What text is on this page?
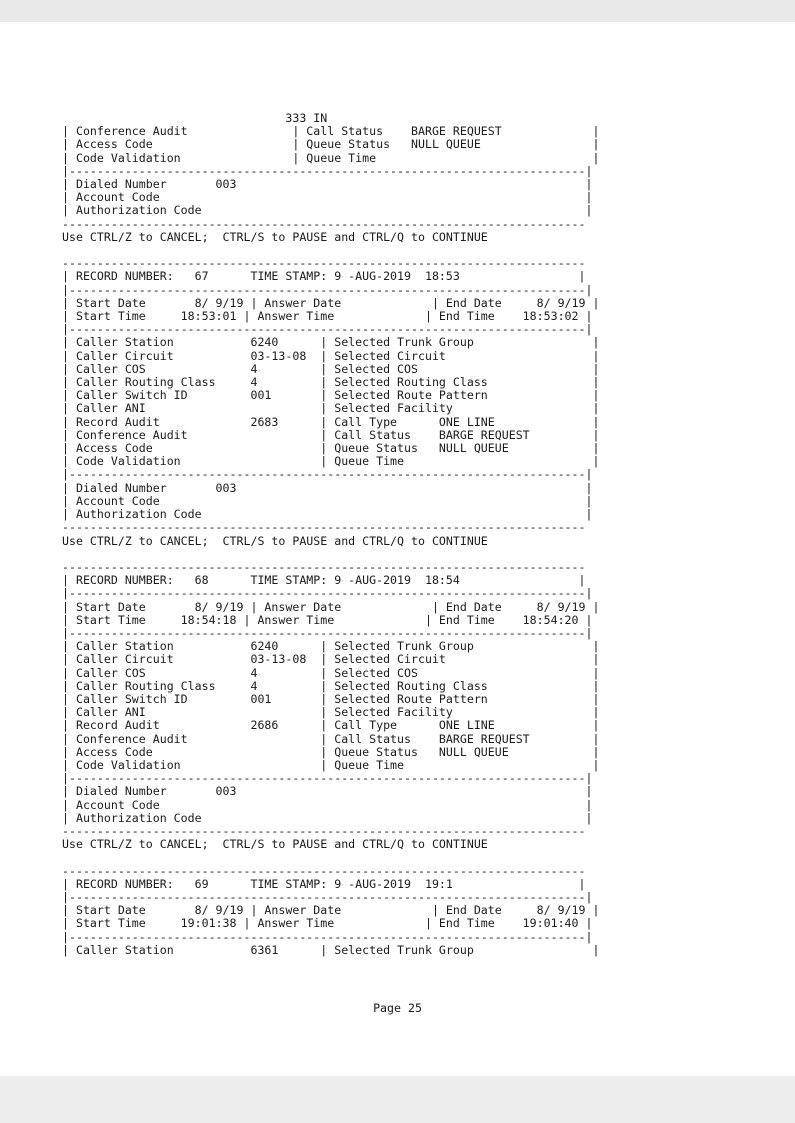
333 IN
| Conference Audit               | Call Status    BARGE REQUEST             |
| Access Code                    | Queue Status   NULL QUEUE                |
| Code Validation                | Queue Time                               |
|--------------------------------------------------------------------------|
| Dialed Number       003                                                  |
| Account Code                                                             |
| Authorization Code                                                       |
---------------------------------------------------------------------------
Use CTRL/Z to CANCEL;  CTRL/S to PAUSE and CTRL/Q to CONTINUE

---------------------------------------------------------------------------
| RECORD NUMBER:   67      TIME STAMP: 9 -AUG-2019  18:53                 |
|--------------------------------------------------------------------------|
| Start Date       8/ 9/19 | Answer Date             | End Date     8/ 9/19 |
| Start Time     18:53:01 | Answer Time             | End Time    18:53:02 |
|--------------------------------------------------------------------------|
| Caller Station           6240      | Selected Trunk Group                 |
| Caller Circuit           03-13-08  | Selected Circuit                     |
| Caller COS               4         | Selected COS                         |
| Caller Routing Class     4         | Selected Routing Class               |
| Caller Switch ID         001       | Selected Route Pattern               |
| Caller ANI                         | Selected Facility                    |
| Record Audit             2683      | Call Type      ONE LINE              |
| Conference Audit                   | Call Status    BARGE REQUEST         |
| Access Code                        | Queue Status   NULL QUEUE            |
| Code Validation                    | Queue Time                           |
|--------------------------------------------------------------------------|
| Dialed Number       003                                                  |
| Account Code                                                             |
| Authorization Code                                                       |
---------------------------------------------------------------------------
Use CTRL/Z to CANCEL;  CTRL/S to PAUSE and CTRL/Q to CONTINUE

---------------------------------------------------------------------------
| RECORD NUMBER:   68      TIME STAMP: 9 -AUG-2019  18:54                 |
|--------------------------------------------------------------------------|
| Start Date       8/ 9/19 | Answer Date             | End Date     8/ 9/19 |
| Start Time     18:54:18 | Answer Time             | End Time    18:54:20 |
|--------------------------------------------------------------------------|
| Caller Station           6240      | Selected Trunk Group                 |
| Caller Circuit           03-13-08  | Selected Circuit                     |
| Caller COS               4         | Selected COS                         |
| Caller Routing Class     4         | Selected Routing Class               |
| Caller Switch ID         001       | Selected Route Pattern               |
| Caller ANI                         | Selected Facility                    |
| Record Audit             2686      | Call Type      ONE LINE              |
| Conference Audit                   | Call Status    BARGE REQUEST         |
| Access Code                        | Queue Status   NULL QUEUE            |
| Code Validation                    | Queue Time                           |
|--------------------------------------------------------------------------|
| Dialed Number       003                                                  |
| Account Code                                                             |
| Authorization Code                                                       |
---------------------------------------------------------------------------
Use CTRL/Z to CANCEL;  CTRL/S to PAUSE and CTRL/Q to CONTINUE

---------------------------------------------------------------------------
| RECORD NUMBER:   69      TIME STAMP: 9 -AUG-2019  19:1                  |
|--------------------------------------------------------------------------|
| Start Date       8/ 9/19 | Answer Date             | End Date     8/ 9/19 |
| Start Time     19:01:38 | Answer Time             | End Time    19:01:40 |
|--------------------------------------------------------------------------|
| Caller Station           6361      | Selected Trunk Group                 |
Page 25
